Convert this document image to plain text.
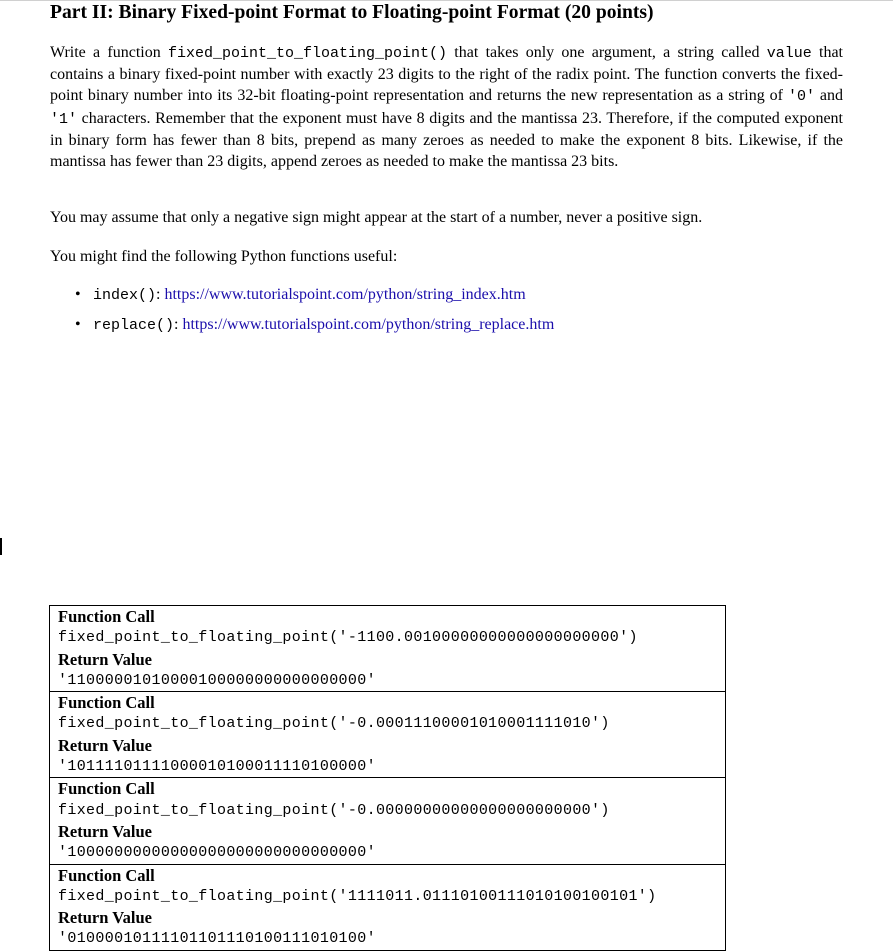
Part II: Binary Fixed-point Format to Floating-point Format (20 points)

Write a function fixed_point_to_floating_point() that takes only one argument, a string called value that contains a binary fixed-point number with exactly 23 digits to the right of the radix point. The function converts the fixed-point binary number into its 32-bit floating-point representation and returns the new representation as a string of '0' and '1' characters. Remember that the exponent must have 8 digits and the mantissa 23. Therefore, if the computed exponent in binary form has fewer than 8 bits, prepend as many zeroes as needed to make the exponent 8 bits. Likewise, if the mantissa has fewer than 23 digits, append zeroes as needed to make the mantissa 23 bits.

You may assume that only a negative sign might appear at the start of a number, never a positive sign.

You might find the following Python functions useful:

• index(): https://www.tutorialspoint.com/python/string_index.htm
• replace(): https://www.tutorialspoint.com/python/string_replace.htm
Function Call
fixed_point_to_floating_point('-1100.00100000000000000000000')
Return Value
'11000001010000100000000000000000'

Function Call
fixed_point_to_floating_point('-0.00011100001010001111010')
Return Value
'10111101111000010100011110100000'

Function Call
fixed_point_to_floating_point('-0.00000000000000000000000')
Return Value
'10000000000000000000000000000000'

Function Call
fixed_point_to_floating_point('1111011.01110100111010100100101')
Return Value
'01000010111101101110100111010100'
